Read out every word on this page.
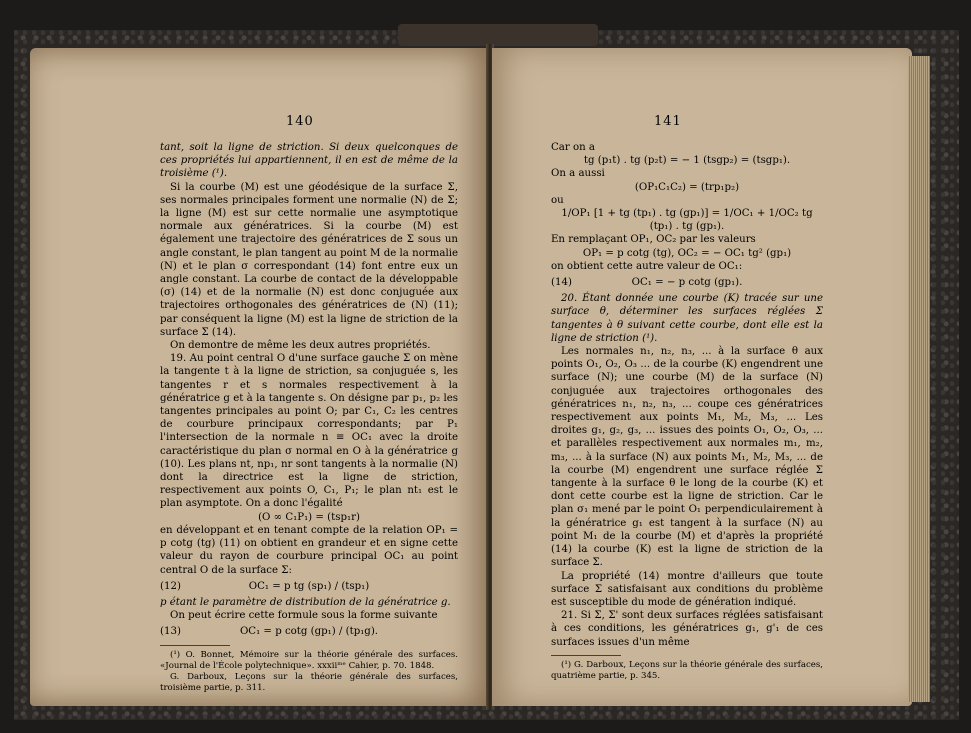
140

tant, soit la ligne de striction. Si deux quelconques de ces propriétés lui appartiennent, il en est de même de la troisième (¹).

Si la courbe (M) est une géodésique de la surface Σ, ses normales principales forment une normalie (N) de Σ; la ligne (M) est sur cette normalie une asymptotique normale aux génératrices. Si la courbe (M) est également une trajectoire des génératrices de Σ sous un angle constant, le plan tangent au point M de la normalie (N) et le plan σ correspondant (14) font entre eux un angle constant. La courbe de contact de la développable (σ) (14) et de la normalie (N) est donc conjuguée aux trajectoires orthogonales des génératrices de (N) (11); par conséquent la ligne (M) est la ligne de striction de la surface Σ (14).

On demontre de même les deux autres propriétés.

19. Au point central O d'une surface gauche Σ on mène la tangente t à la ligne de striction, sa conjuguée s, les tangentes r et s normales respectivement à la génératrice g et à la tangente s. On désigne par p₁, p₂ les tangentes principales au point O; par C₁, C₂ les centres de courbure principaux correspondants; par P₁ l'intersection de la normale n ≡ OC₁ avec la droite caractéristique du plan σ normal en O à la génératrice g (10). Les plans nt, np₁, nr sont tangents à la normalie (N) dont la directrice est la ligne de striction, respectivement aux points O, C₁, P₁; le plan nt₁ est le plan asymptote. On a donc l'égalité

(O ∞ C₁P₁) = (tsp₁r)

en développant et en tenant compte de la relation OP₁ = p cotg (tg) (11) on obtient en grandeur et en signe cette valeur du rayon de courbure principal OC₁ au point central O de la surface Σ:

(12)	OC₁ = p tg (sp₁) / (tsp₁)

p étant le paramètre de distribution de la génératrice g.

On peut écrire cette formule sous la forme suivante

(13)	OC₁ = p cotg (gp₁) / (tp₁g).

(¹) O. Bonnet, Mémoire sur la théorie générale des surfaces. «Journal de l'École polytechnique». xxxiiᵐᵉ Cahier, p. 70. 1848.

G. Darboux, Leçons sur la théorie générale des surfaces, troisième partie, p. 311.

141

Car on a

tg (p₁t) . tg (p₂t) = − 1 (tsgp₂) = (tsgp₁).

On a aussi

(OP₁C₁C₂) = (trp₁p₂)

ou

1/OP₁ [1 + tg (tp₁) . tg (gp₁)] = 1/OC₁ + 1/OC₂ tg (tp₁) . tg (gp₁).

En remplaçant OP₁, OC₂ par les valeurs

OP₁ = p cotg (tg), OC₂ = − OC₁ tg² (gp₁)

on obtient cette autre valeur de OC₁:

(14)	OC₁ = − p cotg (gp₁).

20. Étant donnée une courbe (K) tracée sur une surface θ, déterminer les surfaces réglées Σ tangentes à θ suivant cette courbe, dont elle est la ligne de striction (¹).

Les normales n₁, n₂, n₃, ... à la surface θ aux points O₁, O₂, O₃ ... de la courbe (K) engendrent une surface (N); une courbe (M) de la surface (N) conjuguée aux trajectoires orthogonales des génératrices n₁, n₂, n₃, ... coupe ces génératrices respectivement aux points M₁, M₂, M₃, ... Les droites g₁, g₂, g₃, ... issues des points O₁, O₂, O₃, ... et parallèles respectivement aux normales m₁, m₂, m₃, ... à la surface (N) aux points M₁, M₂, M₃, ... de la courbe (M) engendrent une surface réglée Σ tangente à la surface θ le long de la courbe (K) et dont cette courbe est la ligne de striction. Car le plan σ₁ mené par le point O₁ perpendiculairement à la génératrice g₁ est tangent à la surface (N) au point M₁ de la courbe (M) et d'après la propriété (14) la courbe (K) est la ligne de striction de la surface Σ.

La propriété (14) montre d'ailleurs que toute surface Σ satisfaisant aux conditions du problème est susceptible du mode de génération indiqué.

21. Si Σ, Σ' sont deux surfaces réglées satisfaisant à ces conditions, les génératrices g₁, g'₁ de ces surfaces issues d'un même

(¹) G. Darboux, Leçons sur la théorie générale des surfaces, quatrième partie, p. 345.
